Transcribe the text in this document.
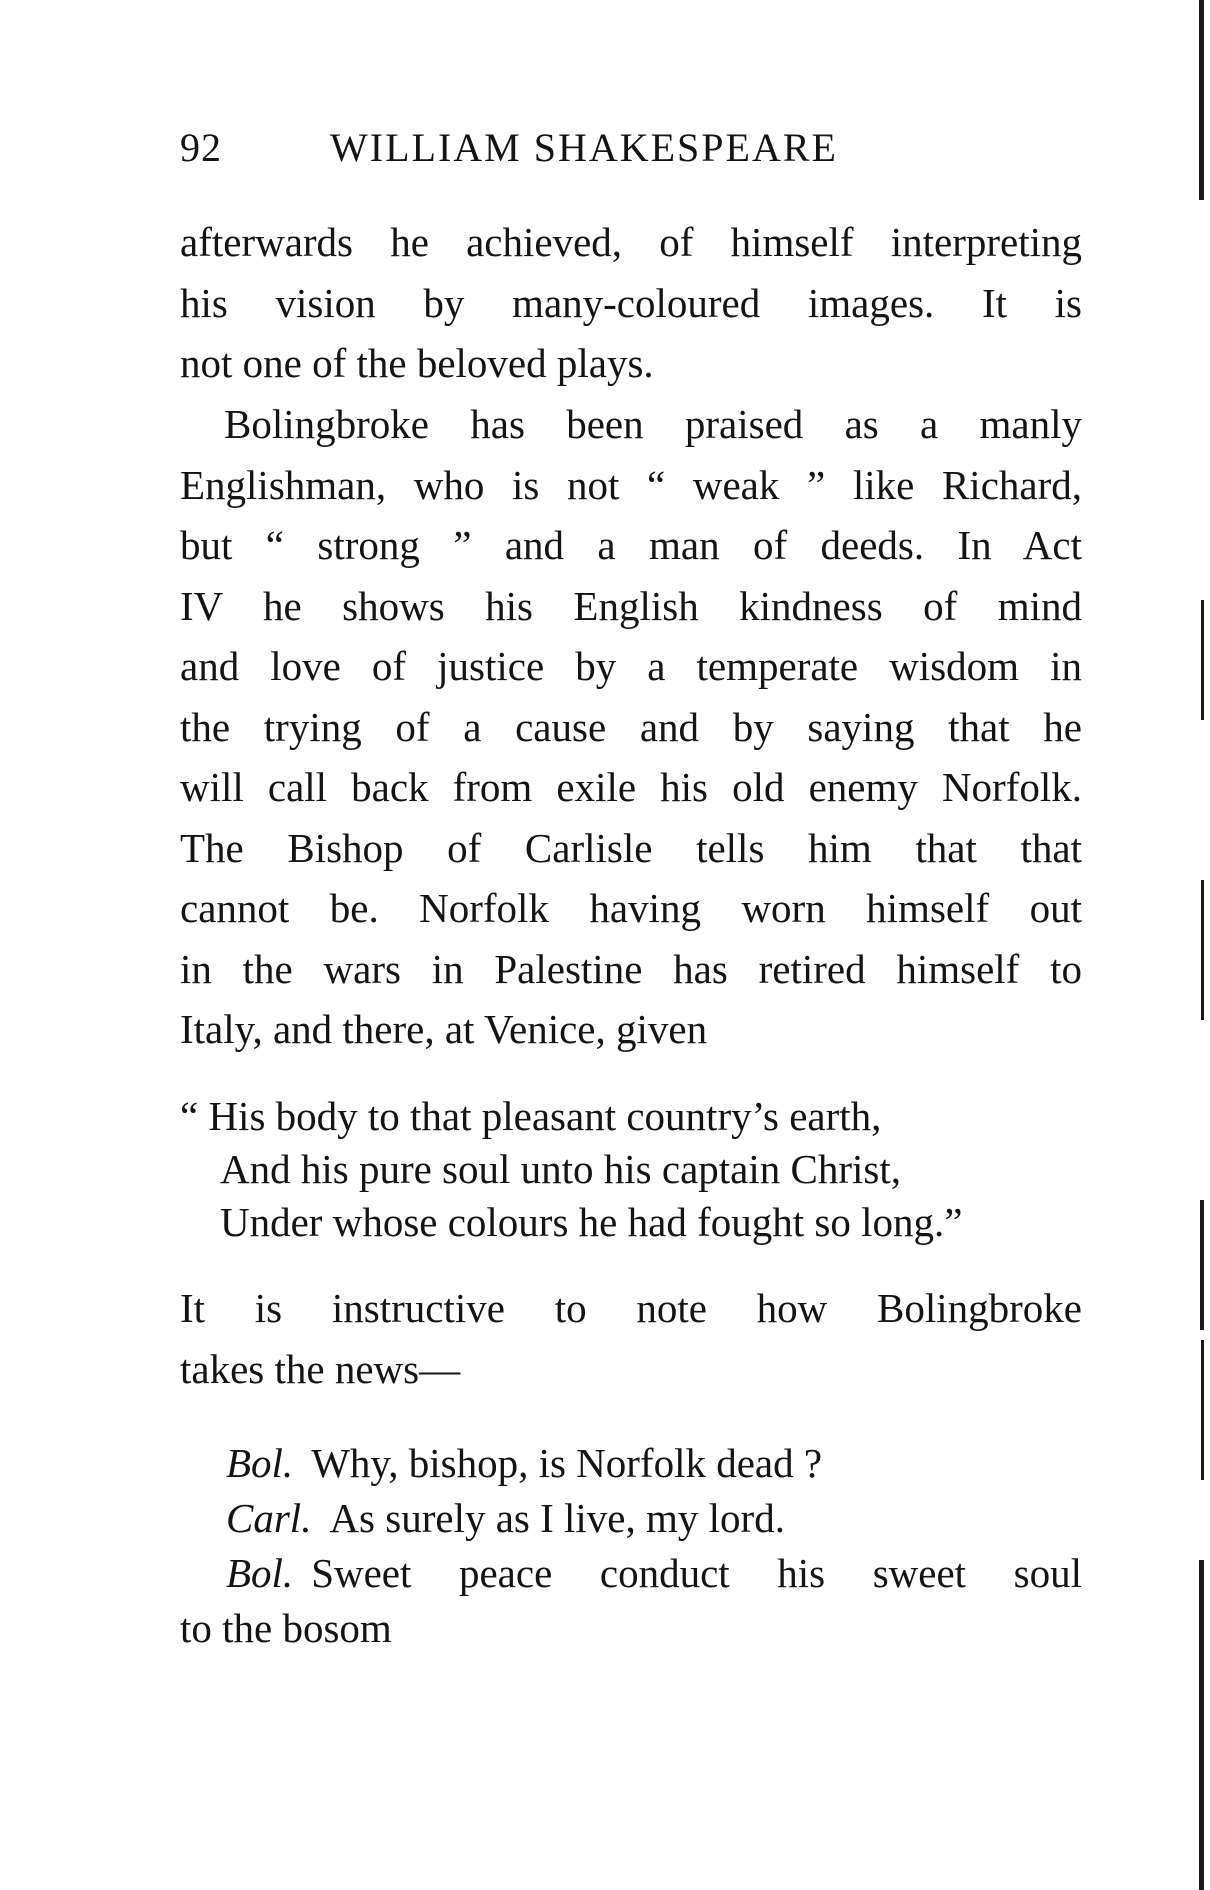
92	WILLIAM SHAKESPEARE
afterwards he achieved, of himself interpreting
his vision by many-coloured images. It is
not one of the beloved plays.
Bolingbroke has been praised as a manly
Englishman, who is not “ weak ” like Richard,
but “ strong ” and a man of deeds. In Act
IV he shows his English kindness of mind
and love of justice by a temperate wisdom in
the trying of a cause and by saying that he
will call back from exile his old enemy Norfolk.
The Bishop of Carlisle tells him that that
cannot be. Norfolk having worn himself out
in the wars in Palestine has retired himself to
Italy, and there, at Venice, given
“ His body to that pleasant country’s earth,
And his pure soul unto his captain Christ,
Under whose colours he had fought so long.”
It is instructive to note how Bolingbroke
takes the news—
Bol. Why, bishop, is Norfolk dead ?
Carl. As surely as I live, my lord.
Bol. Sweet peace conduct his sweet soul
to the bosom
